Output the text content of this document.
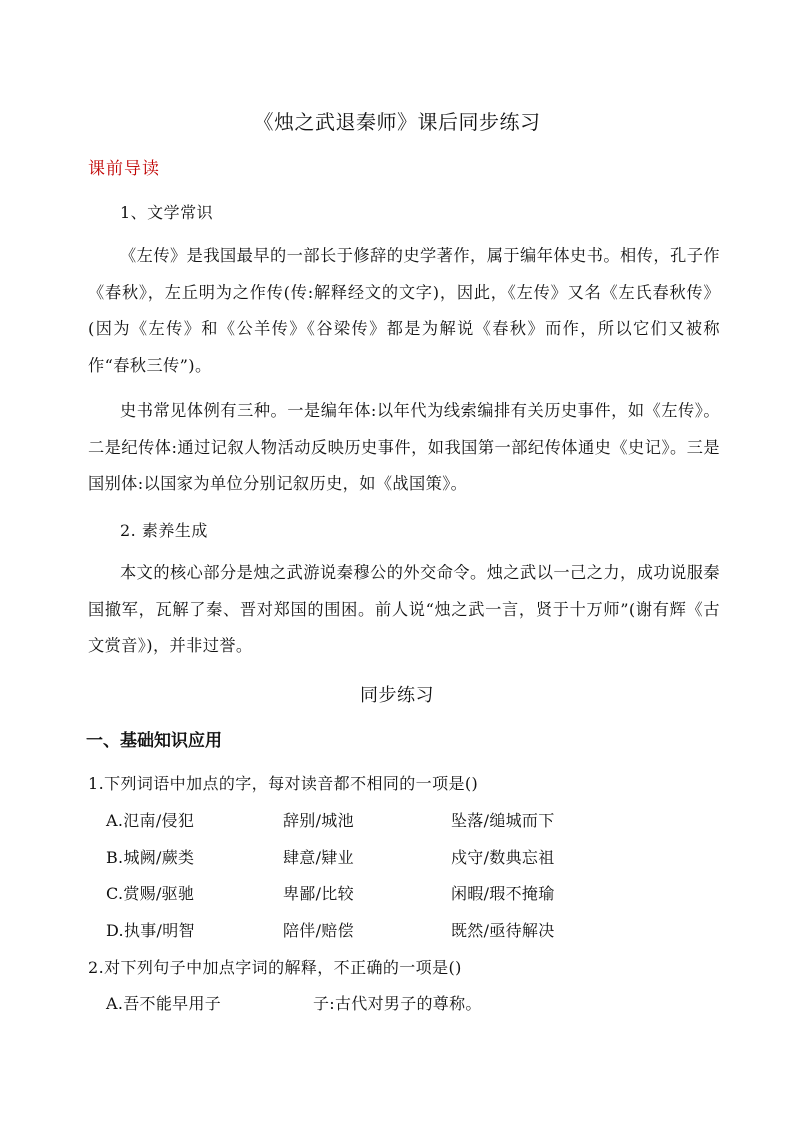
《烛之武退秦师》课后同步练习
课前导读
1、文学常识
《左传》是我国最早的一部长于修辞的史学著作，属于编年体史书。相传，孔子作《春秋》，左丘明为之作传(传:解释经文的文字)，因此，《左传》又名《左氏春秋传》(因为《左传》和《公羊传》《谷梁传》都是为解说《春秋》而作，所以它们又被称作“春秋三传”)。
史书常见体例有三种。一是编年体:以年代为线索编排有关历史事件，如《左传》。二是纪传体:通过记叙人物活动反映历史事件，如我国第一部纪传体通史《史记》。三是国别体:以国家为单位分别记叙历史，如《战国策》。
2. 素养生成
本文的核心部分是烛之武游说秦穆公的外交命令。烛之武以一己之力，成功说服秦国撤军，瓦解了秦、晋对郑国的围困。前人说“烛之武一言，贤于十万师”(谢有辉《古文赏音》)，并非过誉。
同步练习
一、基础知识应用
1.下列词语中加点的字，每对读音都不相同的一项是()
A.氾南/侵犯	辞别/城池	坠落/缒城而下
B.城阙/蕨类	肆意/肄业	戍守/数典忘祖
C.赏赐/驱驰	卑鄙/比较	闲暇/瑕不掩瑜
D.执事/明智	陪伴/赔偿	既然/亟待解决
2.对下列句子中加点字词的解释，不正确的一项是()
A.吾不能早用子	子:古代对男子的尊称。
